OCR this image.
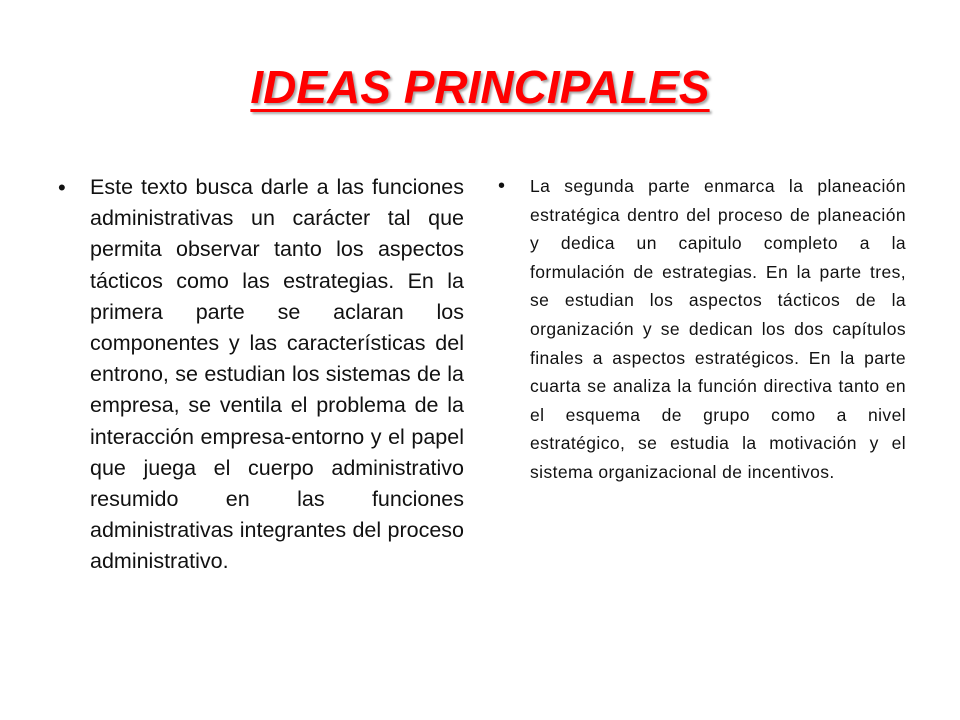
IDEAS PRINCIPALES
• Este texto busca darle a las funciones administrativas un carácter tal que permita observar tanto los aspectos tácticos como las estrategias. En la primera parte se aclaran los componentes y las características del entrono, se estudian los sistemas de la empresa, se ventila el problema de la interacción empresa-entorno y el papel que juega el cuerpo administrativo resumido en las funciones administrativas integrantes del proceso administrativo.

• La segunda parte enmarca la planeación estratégica dentro del proceso de planeación y dedica un capitulo completo a la formulación de estrategias. En la parte tres, se estudian los aspectos tácticos de la organización y se dedican los dos capítulos finales a aspectos estratégicos. En la parte cuarta se analiza la función directiva tanto en el esquema de grupo como a nivel estratégico, se estudia la motivación y el sistema organizacional de incentivos.
